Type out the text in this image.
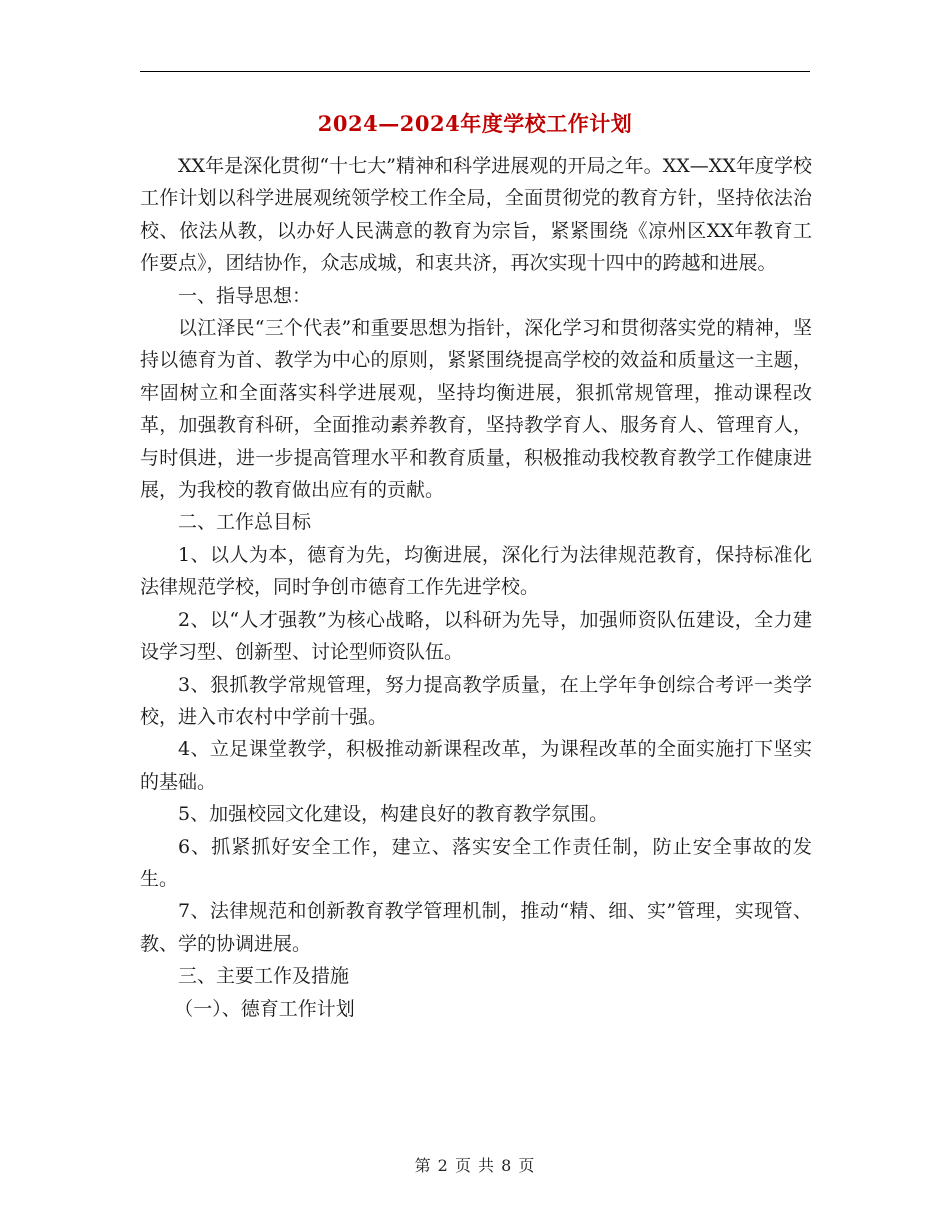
2024—2024年度学校工作计划

XX年是深化贯彻“十七大”精神和科学进展观的开局之年。XX—XX年度学校工作计划以科学进展观统领学校工作全局，全面贯彻党的教育方针，坚持依法治校、依法从教，以办好人民满意的教育为宗旨，紧紧围绕《凉州区XX年教育工作要点》，团结协作，众志成城，和衷共济，再次实现十四中的跨越和进展。

一、指导思想：

以江泽民“三个代表”和重要思想为指针，深化学习和贯彻落实党的精神，坚持以德育为首、教学为中心的原则，紧紧围绕提高学校的效益和质量这一主题，牢固树立和全面落实科学进展观，坚持均衡进展，狠抓常规管理，推动课程改革，加强教育科研，全面推动素养教育，坚持教学育人、服务育人、管理育人，与时俱进，进一步提高管理水平和教育质量，积极推动我校教育教学工作健康进展，为我校的教育做出应有的贡献。

二、工作总目标

1、以人为本，德育为先，均衡进展，深化行为法律规范教育，保持标准化法律规范学校，同时争创市德育工作先进学校。

2、以“人才强教”为核心战略，以科研为先导，加强师资队伍建设，全力建设学习型、创新型、讨论型师资队伍。

3、狠抓教学常规管理，努力提高教学质量，在上学年争创综合考评一类学校，进入市农村中学前十强。

4、立足课堂教学，积极推动新课程改革，为课程改革的全面实施打下坚实的基础。

5、加强校园文化建设，构建良好的教育教学氛围。

6、抓紧抓好安全工作，建立、落实安全工作责任制，防止安全事故的发生。

7、法律规范和创新教育教学管理机制，推动“精、细、实”管理，实现管、教、学的协调进展。

三、主要工作及措施

（一）、德育工作计划

第 2 页 共 8 页
